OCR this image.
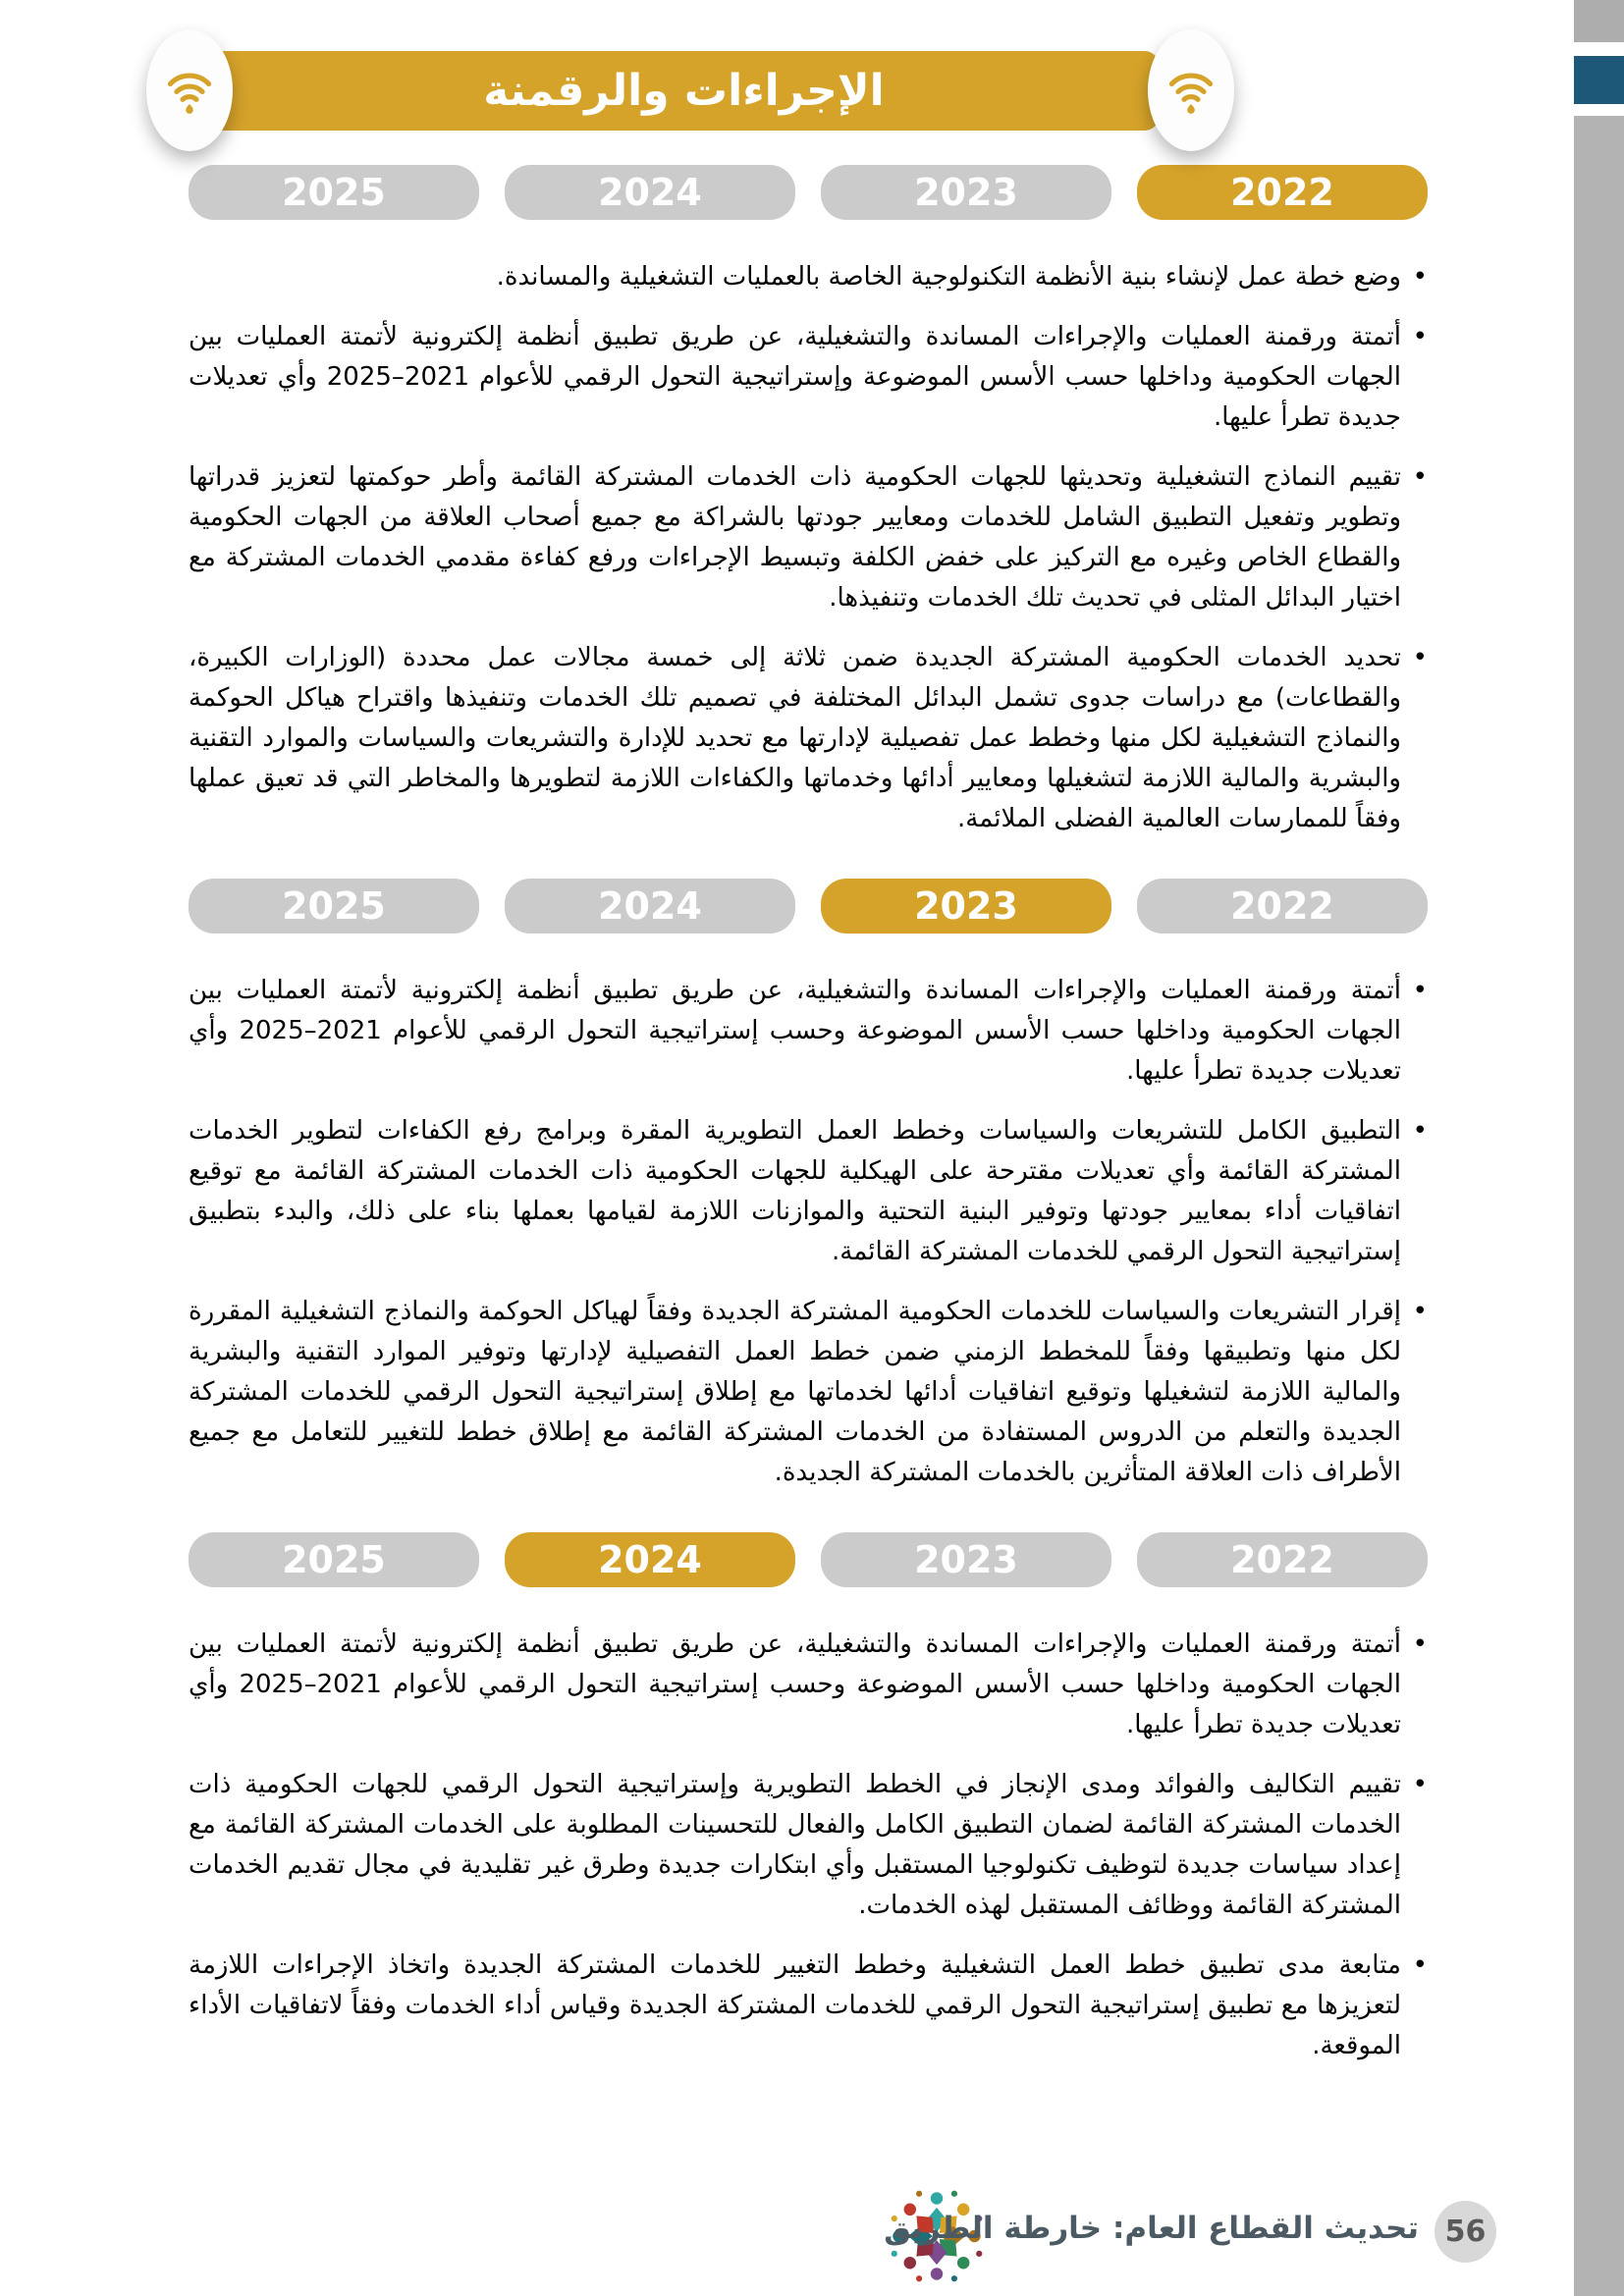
الإجراءات والرقمنة
2025	2024	2023	2022
•
وضع خطة عمل لإنشاء بنية الأنظمة التكنولوجية الخاصة بالعمليات التشغيلية والمساندة.
•
أتمتة ورقمنة العمليات والإجراءات المساندة والتشغيلية، عن طريق تطبيق أنظمة إلكترونية لأتمتة العمليات بين الجهات الحكومية وداخلها حسب الأسس الموضوعة وإستراتيجية التحول الرقمي للأعوام 2021–2025 وأي تعديلات جديدة تطرأ عليها.
•
تقييم النماذج التشغيلية وتحديثها للجهات الحكومية ذات الخدمات المشتركة القائمة وأطر حوكمتها لتعزيز قدراتها وتطوير وتفعيل التطبيق الشامل للخدمات ومعايير جودتها بالشراكة مع جميع أصحاب العلاقة من الجهات الحكومية والقطاع الخاص وغيره مع التركيز على خفض الكلفة وتبسيط الإجراءات ورفع كفاءة مقدمي الخدمات المشتركة مع اختيار البدائل المثلى في تحديث تلك الخدمات وتنفيذها.
•
تحديد الخدمات الحكومية المشتركة الجديدة ضمن ثلاثة إلى خمسة مجالات عمل محددة (الوزارات الكبيرة، والقطاعات) مع دراسات جدوى تشمل البدائل المختلفة في تصميم تلك الخدمات وتنفيذها واقتراح هياكل الحوكمة والنماذج التشغيلية لكل منها وخطط عمل تفصيلية لإدارتها مع تحديد للإدارة والتشريعات والسياسات والموارد التقنية والبشرية والمالية اللازمة لتشغيلها ومعايير أدائها وخدماتها والكفاءات اللازمة لتطويرها والمخاطر التي قد تعيق عملها وفقاً للممارسات العالمية الفضلى الملائمة.
2025	2024	2023	2022
•
أتمتة ورقمنة العمليات والإجراءات المساندة والتشغيلية، عن طريق تطبيق أنظمة إلكترونية لأتمتة العمليات بين الجهات الحكومية وداخلها حسب الأسس الموضوعة وحسب إستراتيجية التحول الرقمي للأعوام 2021–2025 وأي تعديلات جديدة تطرأ عليها.
•
التطبيق الكامل للتشريعات والسياسات وخطط العمل التطويرية المقرة وبرامج رفع الكفاءات لتطوير الخدمات المشتركة القائمة وأي تعديلات مقترحة على الهيكلية للجهات الحكومية ذات الخدمات المشتركة القائمة مع توقيع اتفاقيات أداء بمعايير جودتها وتوفير البنية التحتية والموازنات اللازمة لقيامها بعملها بناء على ذلك، والبدء بتطبيق إستراتيجية التحول الرقمي للخدمات المشتركة القائمة.
•
إقرار التشريعات والسياسات للخدمات الحكومية المشتركة الجديدة وفقاً لهياكل الحوكمة والنماذج التشغيلية المقررة لكل منها وتطبيقها وفقاً للمخطط الزمني ضمن خطط العمل التفصيلية لإدارتها وتوفير الموارد التقنية والبشرية والمالية اللازمة لتشغيلها وتوقيع اتفاقيات أدائها لخدماتها مع إطلاق إستراتيجية التحول الرقمي للخدمات المشتركة الجديدة والتعلم من الدروس المستفادة من الخدمات المشتركة القائمة مع إطلاق خطط للتغيير للتعامل مع جميع الأطراف ذات العلاقة المتأثرين بالخدمات المشتركة الجديدة.
2025	2024	2023	2022
•
أتمتة ورقمنة العمليات والإجراءات المساندة والتشغيلية، عن طريق تطبيق أنظمة إلكترونية لأتمتة العمليات بين الجهات الحكومية وداخلها حسب الأسس الموضوعة وحسب إستراتيجية التحول الرقمي للأعوام 2021–2025 وأي تعديلات جديدة تطرأ عليها.
•
تقييم التكاليف والفوائد ومدى الإنجاز في الخطط التطويرية وإستراتيجية التحول الرقمي للجهات الحكومية ذات الخدمات المشتركة القائمة لضمان التطبيق الكامل والفعال للتحسينات المطلوبة على الخدمات المشتركة القائمة مع إعداد سياسات جديدة لتوظيف تكنولوجيا المستقبل وأي ابتكارات جديدة وطرق غير تقليدية في مجال تقديم الخدمات المشتركة القائمة ووظائف المستقبل لهذه الخدمات.
•
متابعة مدى تطبيق خطط العمل التشغيلية وخطط التغيير للخدمات المشتركة الجديدة واتخاذ الإجراءات اللازمة لتعزيزها مع تطبيق إستراتيجية التحول الرقمي للخدمات المشتركة الجديدة وقياس أداء الخدمات وفقاً لاتفاقيات الأداء الموقعة.
تحديث القطاع العام: خارطة الطريق 56
